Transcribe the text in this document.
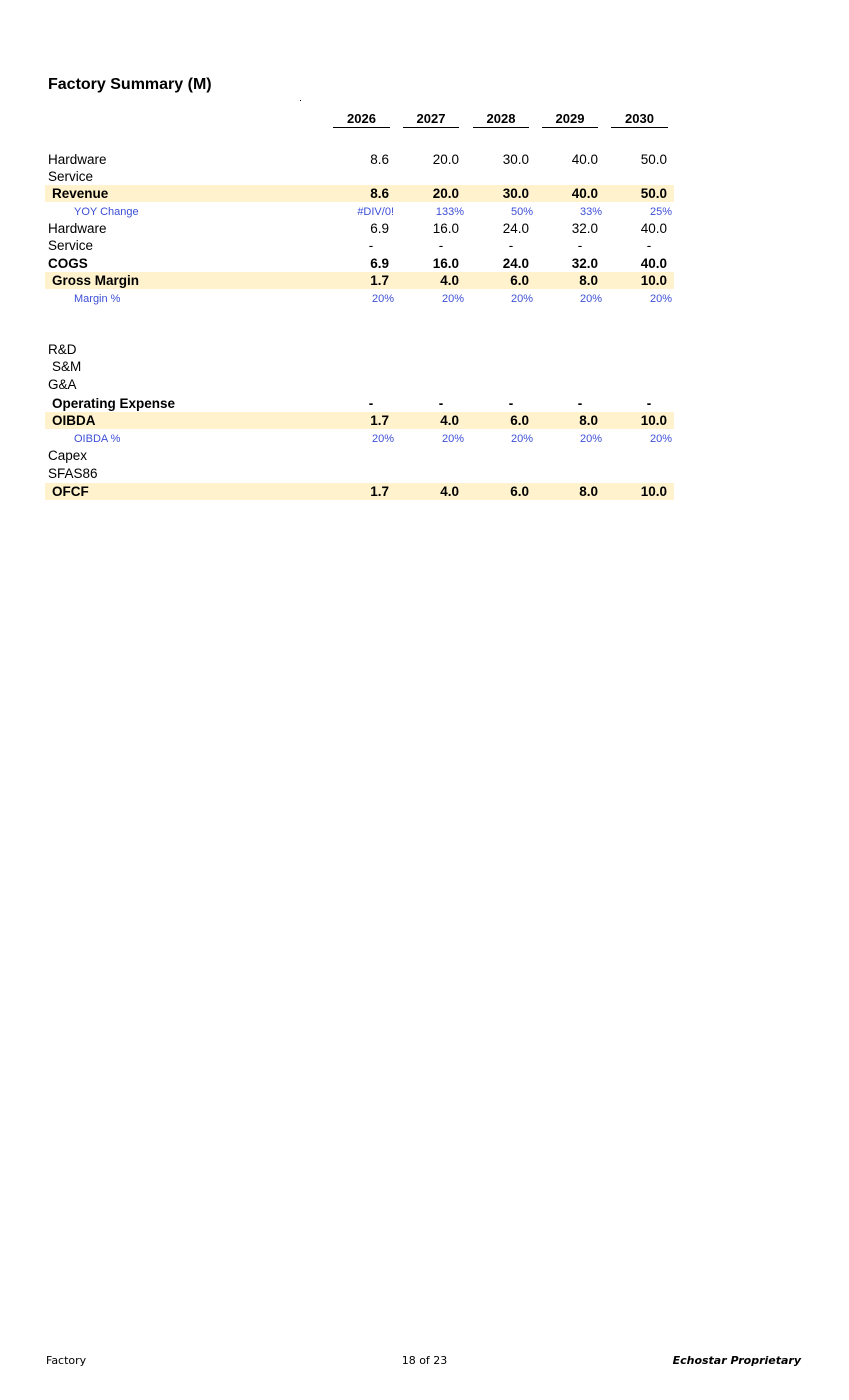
Factory Summary (M)
2026	2027	2028	2029	2030
Hardware	8.6	20.0	30.0	40.0	50.0
Service
Revenue	8.6	20.0	30.0	40.0	50.0
YOY Change	#DIV/0!	133%	50%	33%	25%
Hardware	6.9	16.0	24.0	32.0	40.0
Service	-	-	-	-	-
COGS	6.9	16.0	24.0	32.0	40.0
Gross Margin	1.7	4.0	6.0	8.0	10.0
Margin %	20%	20%	20%	20%	20%
R&D
S&M
G&A
Operating Expense	-	-	-	-	-
OIBDA	1.7	4.0	6.0	8.0	10.0
OIBDA %	20%	20%	20%	20%	20%
Capex
SFAS86
OFCF	1.7	4.0	6.0	8.0	10.0
Factory	18 of 23	Echostar Proprietary
